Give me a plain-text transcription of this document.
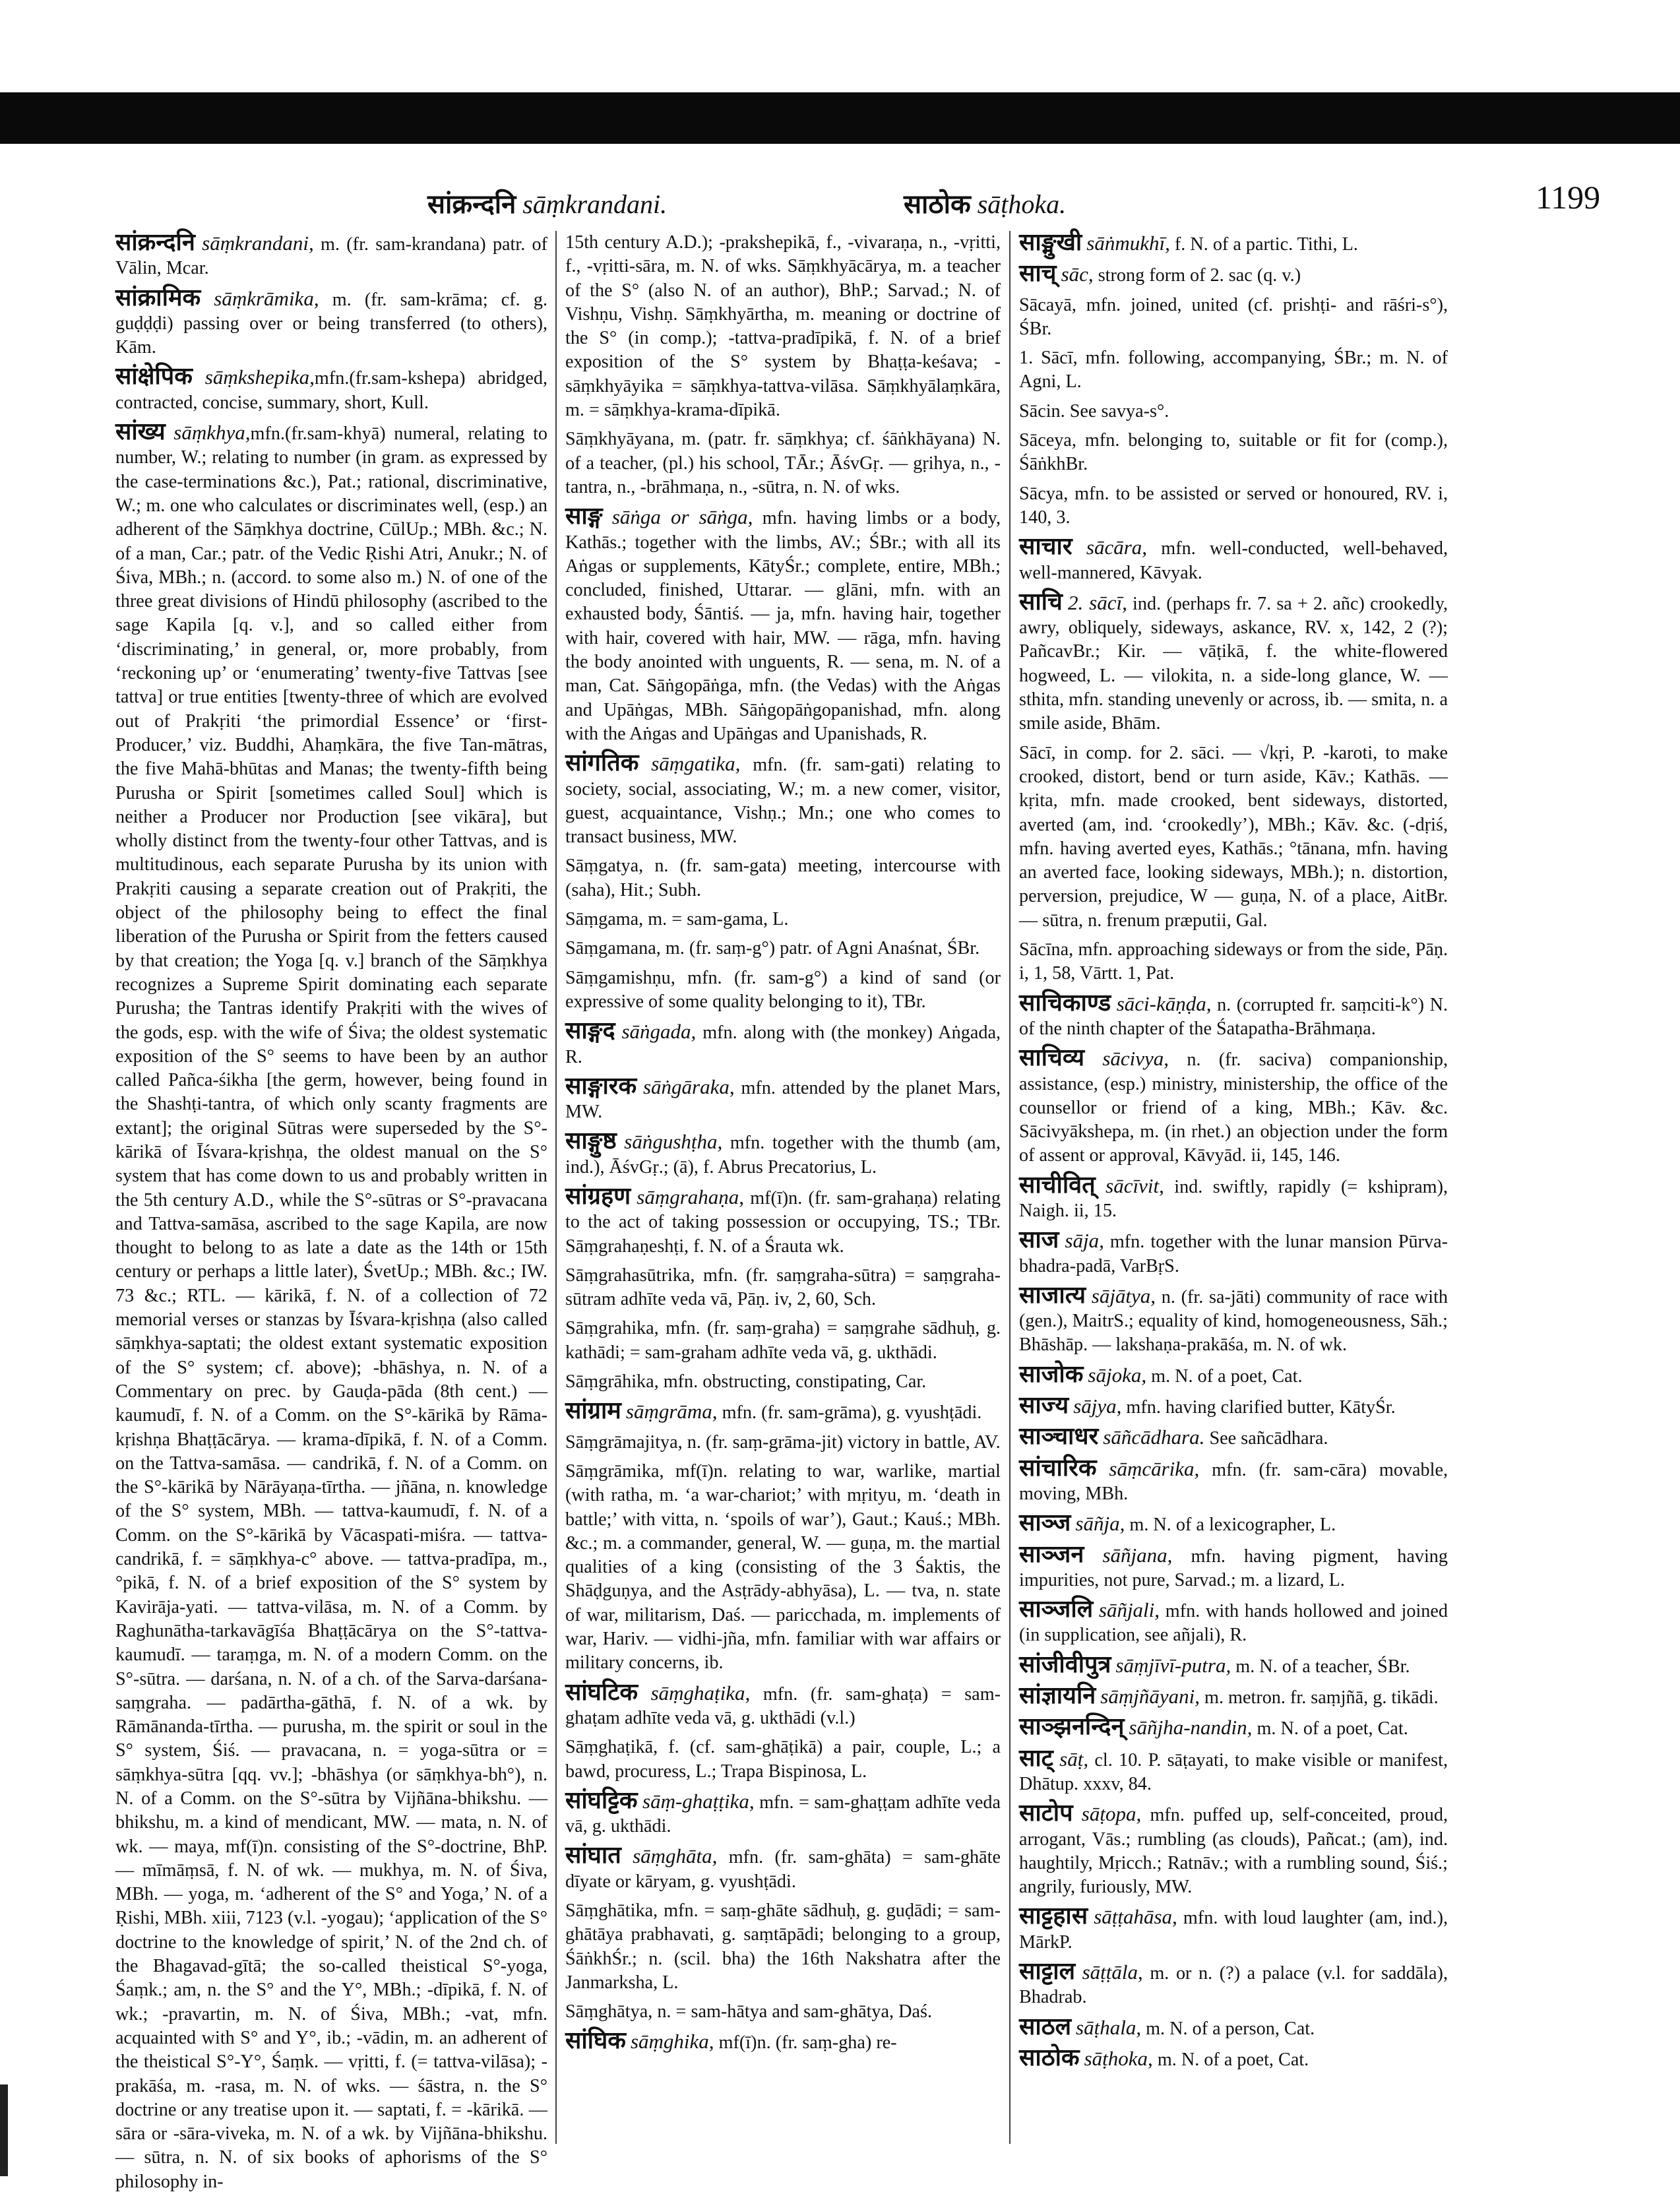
सांक्रन्दनि sāṃkrandani.	साठोक sāṭhoka.	1199

सांक्रन्दनि sāṃkrandani, m. (fr. sam-krandana) patr. of Vālin, Mcar.

सांक्रामिक sāṃkrāmika, m. (fr. sam-krāma; cf. g. guḍḍḍi) passing over or being transferred (to others), Kām.

सांक्षेपिक sāṃkshepika,mfn.(fr.sam-kshepa) abridged, contracted, concise, summary, short, Kull.

सांख्य sāṃkhya,mfn.(fr.sam-khyā) numeral, relating to number, W.; relating to number (in gram. as expressed by the case-terminations &c.), Pat.; rational, discriminative, W.; m. one who calculates or discriminates well, (esp.) an adherent of the Sāṃkhya doctrine, CūlUp.; MBh. &c.; N. of a man, Car.; patr. of the Vedic Ṛishi Atri, Anukr.; N. of Śiva, MBh.; n. (accord. to some also m.) N. of one of the three great divisions of Hindū philosophy (ascribed to the sage Kapila [q. v.], and so called either from ‘discriminating,’ in general, or, more probably, from ‘reckoning up’ or ‘enumerating’ twenty-five Tattvas [see tattva] or true entities [twenty-three of which are evolved out of Prakṛiti ‘the primordial Essence’ or ‘first-Producer,’ viz. Buddhi, Ahaṃkāra, the five Tan-mātras, the five Mahā-bhūtas and Manas; the twenty-fifth being Purusha or Spirit [sometimes called Soul] which is neither a Producer nor Production [see vikāra], but wholly distinct from the twenty-four other Tattvas, and is multitudinous, each separate Purusha by its union with Prakṛiti causing a separate creation out of Prakṛiti, the object of the philosophy being to effect the final liberation of the Purusha or Spirit from the fetters caused by that creation; the Yoga [q. v.] branch of the Sāṃkhya recognizes a Supreme Spirit dominating each separate Purusha; the Tantras identify Prakṛiti with the wives of the gods, esp. with the wife of Śiva; the oldest systematic exposition of the S° seems to have been by an author called Pañca-śikha [the germ, however, being found in the Shashṭi-tantra, of which only scanty fragments are extant]; the original Sūtras were superseded by the S°-kārikā of Īśvara-kṛishṇa, the oldest manual on the S° system that has come down to us and probably written in the 5th century A.D., while the S°-sūtras or S°-pravacana and Tattva-samāsa, ascribed to the sage Kapila, are now thought to belong to as late a date as the 14th or 15th century or perhaps a little later), ŚvetUp.; MBh. &c.; IW. 73 &c.; RTL. — kārikā, f. N. of a collection of 72 memorial verses or stanzas by Īśvara-kṛishṇa (also called sāṃkhya-saptati; the oldest extant systematic exposition of the S° system; cf. above); -bhāshya, n. N. of a Commentary on prec. by Gauḍa-pāda (8th cent.) — kaumudī, f. N. of a Comm. on the S°-kārikā by Rāma-kṛishṇa Bhaṭṭācārya. — krama-dīpikā, f. N. of a Comm. on the Tattva-samāsa. — candrikā, f. N. of a Comm. on the S°-kārikā by Nārāyaṇa-tīrtha. — jñāna, n. knowledge of the S° system, MBh. — tattva-kaumudī, f. N. of a Comm. on the S°-kārikā by Vācaspati-miśra. — tattva-candrikā, f. = sāṃkhya-c° above. — tattva-pradīpa, m., °pikā, f. N. of a brief exposition of the S° system by Kavirāja-yati. — tattva-vilāsa, m. N. of a Comm. by Raghunātha-tarkavāgīśa Bhaṭṭācārya on the S°-tattva-kaumudī. — taraṃga, m. N. of a modern Comm. on the S°-sūtra. — darśana, n. N. of a ch. of the Sarva-darśana-saṃgraha. — padārtha-gāthā, f. N. of a wk. by Rāmānanda-tīrtha. — purusha, m. the spirit or soul in the S° system, Śiś. — pravacana, n. = yoga-sūtra or = sāṃkhya-sūtra [qq. vv.]; -bhāshya (or sāṃkhya-bh°), n. N. of a Comm. on the S°-sūtra by Vijñāna-bhikshu. — bhikshu, m. a kind of mendicant, MW. — mata, n. N. of wk. — maya, mf(ī)n. consisting of the S°-doctrine, BhP. — mīmāṃsā, f. N. of wk. — mukhya, m. N. of Śiva, MBh. — yoga, m. ‘adherent of the S° and Yoga,’ N. of a Ṛishi, MBh. xiii, 7123 (v.l. -yogau); ‘application of the S° doctrine to the knowledge of spirit,’ N. of the 2nd ch. of the Bhagavad-gītā; the so-called theistical S°-yoga, Śaṃk.; am, n. the S° and the Y°, MBh.; -dīpikā, f. N. of wk.; -pravartin, m. N. of Śiva, MBh.; -vat, mfn. acquainted with S° and Y°, ib.; -vādin, m. an adherent of the theistical S°-Y°, Śaṃk. — vṛitti, f. (= tattva-vilāsa); -prakāśa, m. -rasa, m. N. of wks. — śāstra, n. the S° doctrine or any treatise upon it. — saptati, f. = -kārikā. — sāra or -sāra-viveka, m. N. of a wk. by Vijñāna-bhikshu. — sūtra, n. N. of six books of aphorisms of the S° philosophy in-

15th century A.D.); -prakshepikā, f., -vivaraṇa, n., -vṛitti, f., -vṛitti-sāra, m. N. of wks. Sāṃkhyācārya, m. a teacher of the S° (also N. of an author), BhP.; Sarvad.; N. of Vishṇu, Vishṇ. Sāṃkhyārtha, m. meaning or doctrine of the S° (in comp.); -tattva-pradīpikā, f. N. of a brief exposition of the S° system by Bhaṭṭa-keśava; -sāṃkhyāyika = sāṃkhya-tattva-vilāsa. Sāṃkhyālaṃkāra, m. = sāṃkhya-krama-dīpikā.

Sāṃkhyāyana, m. (patr. fr. sāṃkhya; cf. śāṅkhāyana) N. of a teacher, (pl.) his school, TĀr.; ĀśvGṛ. — gṛihya, n., -tantra, n., -brāhmaṇa, n., -sūtra, n. N. of wks.

साङ्ग sāṅga or sāṅga, mfn. having limbs or a body, Kathās.; together with the limbs, AV.; ŚBr.; with all its Aṅgas or supplements, KātyŚr.; complete, entire, MBh.; concluded, finished, Uttarar. — glāni, mfn. with an exhausted body, Śāntiś. — ja, mfn. having hair, together with hair, covered with hair, MW. — rāga, mfn. having the body anointed with unguents, R. — sena, m. N. of a man, Cat. Sāṅgopāṅga, mfn. (the Vedas) with the Aṅgas and Upāṅgas, MBh. Sāṅgopāṅgopanishad, mfn. along with the Aṅgas and Upāṅgas and Upanishads, R.

सांगतिक sāṃgatika, mfn. (fr. sam-gati) relating to society, social, associating, W.; m. a new comer, visitor, guest, acquaintance, Vishṇ.; Mn.; one who comes to transact business, MW.

Sāṃgatya, n. (fr. sam-gata) meeting, intercourse with (saha), Hit.; Subh.

Sāṃgama, m. = sam-gama, L.

Sāṃgamana, m. (fr. saṃ-g°) patr. of Agni Anaśnat, ŚBr.

Sāṃgamishṇu, mfn. (fr. sam-g°) a kind of sand (or expressive of some quality belonging to it), TBr.

साङ्गद sāṅgada, mfn. along with (the monkey) Aṅgada, R.

साङ्गारक sāṅgāraka, mfn. attended by the planet Mars, MW.

साङ्गुष्ठ sāṅgushṭha, mfn. together with the thumb (am, ind.), ĀśvGṛ.; (ā), f. Abrus Precatorius, L.

सांग्रहण sāṃgrahaṇa, mf(ī)n. (fr. sam-grahaṇa) relating to the act of taking possession or occupying, TS.; TBr. Sāṃgrahaṇeshṭi, f. N. of a Śrauta wk.

Sāṃgrahasūtrika, mfn. (fr. saṃgraha-sūtra) = saṃgraha-sūtram adhīte veda vā, Pāṇ. iv, 2, 60, Sch.

Sāṃgrahika, mfn. (fr. saṃ-graha) = saṃgrahe sādhuḥ, g. kathādi; = sam-graham adhīte veda vā, g. ukthādi.

Sāṃgrāhika, mfn. obstructing, constipating, Car.

सांग्राम sāṃgrāma, mfn. (fr. sam-grāma), g. vyushṭādi.

Sāṃgrāmajitya, n. (fr. saṃ-grāma-jit) victory in battle, AV.

Sāṃgrāmika, mf(ī)n. relating to war, warlike, martial (with ratha, m. ‘a war-chariot;’ with mṛityu, m. ‘death in battle;’ with vitta, n. ‘spoils of war’), Gaut.; Kauś.; MBh. &c.; m. a commander, general, W. — guṇa, m. the martial qualities of a king (consisting of the 3 Śaktis, the Shāḍguṇya, and the Asṭrādy-abhyāsa), L. — tva, n. state of war, militarism, Daś. — paricchada, m. implements of war, Hariv. — vidhi-jña, mfn. familiar with war affairs or military concerns, ib.

सांघटिक sāṃghaṭika, mfn. (fr. sam-ghaṭa) = sam-ghaṭam adhīte veda vā, g. ukthādi (v.l.)

Sāṃghaṭikā, f. (cf. sam-ghāṭikā) a pair, couple, L.; a bawd, procuress, L.; Trapa Bispinosa, L.

सांघट्टिक sāṃ-ghaṭṭika, mfn. = sam-ghaṭṭam adhīte veda vā, g. ukthādi.

सांघात sāṃghāta, mfn. (fr. sam-ghāta) = sam-ghāte dīyate or kāryam, g. vyushṭādi.

Sāṃghātika, mfn. = saṃ-ghāte sādhuḥ, g. guḍādi; = sam-ghātāya prabhavati, g. saṃtāpādi; belonging to a group, ŚāṅkhŚr.; n. (scil. bha) the 16th Nakshatra after the Janmarksha, L.

Sāṃghātya, n. = sam-hātya and sam-ghātya, Daś.

सांघिक sāṃghika, mf(ī)n. (fr. saṃ-gha) re-

साङ्मुखी sāṅmukhī, f. N. of a partic. Tithi, L.

साच् sāc, strong form of 2. sac (q. v.)

Sācayā, mfn. joined, united (cf. prishṭi- and rāśri-s°), ŚBr.

1. Sācī, mfn. following, accompanying, ŚBr.; m. N. of Agni, L.

Sācin. See savya-s°.

Sāceya, mfn. belonging to, suitable or fit for (comp.), ŚāṅkhBr.

Sācya, mfn. to be assisted or served or honoured, RV. i, 140, 3.

साचार sācāra, mfn. well-conducted, well-behaved, well-mannered, Kāvyak.

साचि 2. sācī, ind. (perhaps fr. 7. sa + 2. añc) crookedly, awry, obliquely, sideways, askance, RV. x, 142, 2 (?); PañcavBr.; Kir. — vāṭikā, f. the white-flowered hogweed, L. — vilokita, n. a side-long glance, W. — sthita, mfn. standing unevenly or across, ib. — smita, n. a smile aside, Bhām.

Sācī, in comp. for 2. sāci. — √kṛi, P. -karoti, to make crooked, distort, bend or turn aside, Kāv.; Kathās. — kṛita, mfn. made crooked, bent sideways, distorted, averted (am, ind. ‘crookedly’), MBh.; Kāv. &c. (-dṛiś, mfn. having averted eyes, Kathās.; °tānana, mfn. having an averted face, looking sideways, MBh.); n. distortion, perversion, prejudice, W — guṇa, N. of a place, AitBr. — sūtra, n. frenum præputii, Gal.

Sācīna, mfn. approaching sideways or from the side, Pāṇ. i, 1, 58, Vārtt. 1, Pat.

साचिकाण्ड sāci-kāṇḍa, n. (corrupted fr. saṃciti-k°) N. of the ninth chapter of the Śatapatha-Brāhmaṇa.

साचिव्य sācivya, n. (fr. saciva) companionship, assistance, (esp.) ministry, ministership, the office of the counsellor or friend of a king, MBh.; Kāv. &c. Sācivyākshepa, m. (in rhet.) an objection under the form of assent or approval, Kāvyād. ii, 145, 146.

साचीवित् sācīvit, ind. swiftly, rapidly (= kshipram), Naigh. ii, 15.

साज sāja, mfn. together with the lunar mansion Pūrva-bhadra-padā, VarBṛS.

साजात्य sājātya, n. (fr. sa-jāti) community of race with (gen.), MaitrS.; equality of kind, homogeneousness, Sāh.; Bhāshāp. — lakshaṇa-prakāśa, m. N. of wk.

साजोक sājoka, m. N. of a poet, Cat.

साज्य sājya, mfn. having clarified butter, KātyŚr.

साञ्चाधर sāñcādhara. See sañcādhara.

सांचारिक sāṃcārika, mfn. (fr. sam-cāra) movable, moving, MBh.

साञ्ज sāñja, m. N. of a lexicographer, L.

साञ्जन sāñjana, mfn. having pigment, having impurities, not pure, Sarvad.; m. a lizard, L.

साञ्जलि sāñjali, mfn. with hands hollowed and joined (in supplication, see añjali), R.

सांजीवीपुत्र sāṃjīvī-putra, m. N. of a teacher, ŚBr.

सांज्ञायनि sāṃjñāyani, m. metron. fr. saṃjñā, g. tikādi.

साञ्झनन्दिन् sāñjha-nandin, m. N. of a poet, Cat.

साट् sāṭ, cl. 10. P. sāṭayati, to make visible or manifest, Dhātup. xxxv, 84.

साटोप sāṭopa, mfn. puffed up, self-conceited, proud, arrogant, Vās.; rumbling (as clouds), Pañcat.; (am), ind. haughtily, Mṛicch.; Ratnāv.; with a rumbling sound, Śiś.; angrily, furiously, MW.

साट्टहास sāṭṭahāsa, mfn. with loud laughter (am, ind.), MārkP.

साट्टाल sāṭṭāla, m. or n. (?) a palace (v.l. for saddāla), Bhadrab.

साठल sāṭhala, m. N. of a person, Cat.

साठोक sāṭhoka, m. N. of a poet, Cat.
